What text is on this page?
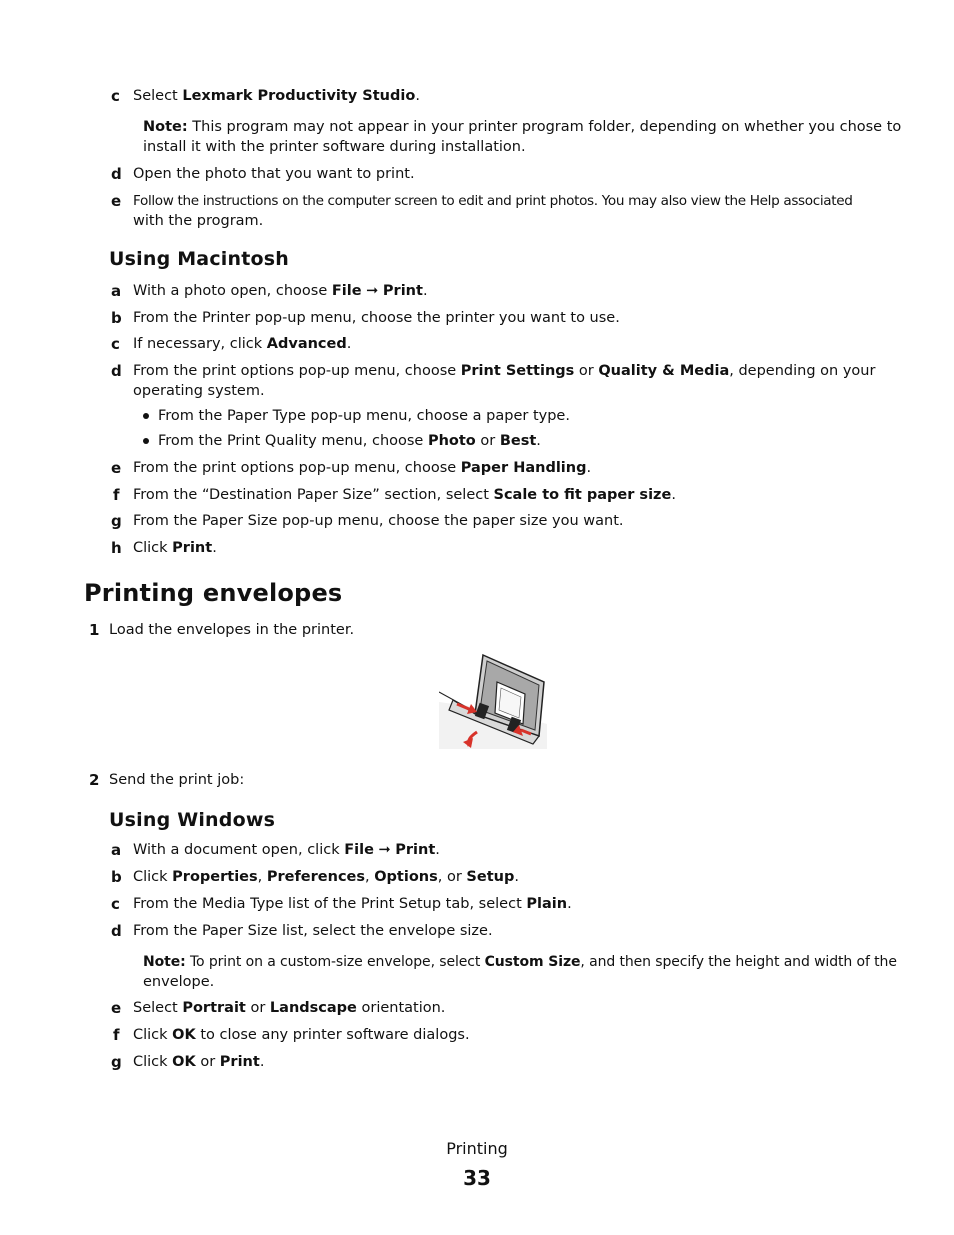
c Select Lexmark Productivity Studio.
Note: This program may not appear in your printer program folder, depending on whether you chose to
install it with the printer software during installation.
d Open the photo that you want to print.
e Follow the instructions on the computer screen to edit and print photos. You may also view the Help associated
with the program.
Using Macintosh
a With a photo open, choose File ➞ Print.
b From the Printer pop-up menu, choose the printer you want to use.
c If necessary, click Advanced.
d From the print options pop-up menu, choose Print Settings or Quality & Media, depending on your
operating system.
From the Paper Type pop-up menu, choose a paper type.
From the Print Quality menu, choose Photo or Best.
e From the print options pop-up menu, choose Paper Handling.
f From the “Destination Paper Size” section, select Scale to fit paper size.
g From the Paper Size pop-up menu, choose the paper size you want.
h Click Print.
Printing envelopes
1 Load the envelopes in the printer.
2 Send the print job:
Using Windows
a With a document open, click File ➞ Print.
b Click Properties, Preferences, Options, or Setup.
c From the Media Type list of the Print Setup tab, select Plain.
d From the Paper Size list, select the envelope size.
Note: To print on a custom-size envelope, select Custom Size, and then specify the height and width of the
envelope.
e Select Portrait or Landscape orientation.
f Click OK to close any printer software dialogs.
g Click OK or Print.
Printing
33
